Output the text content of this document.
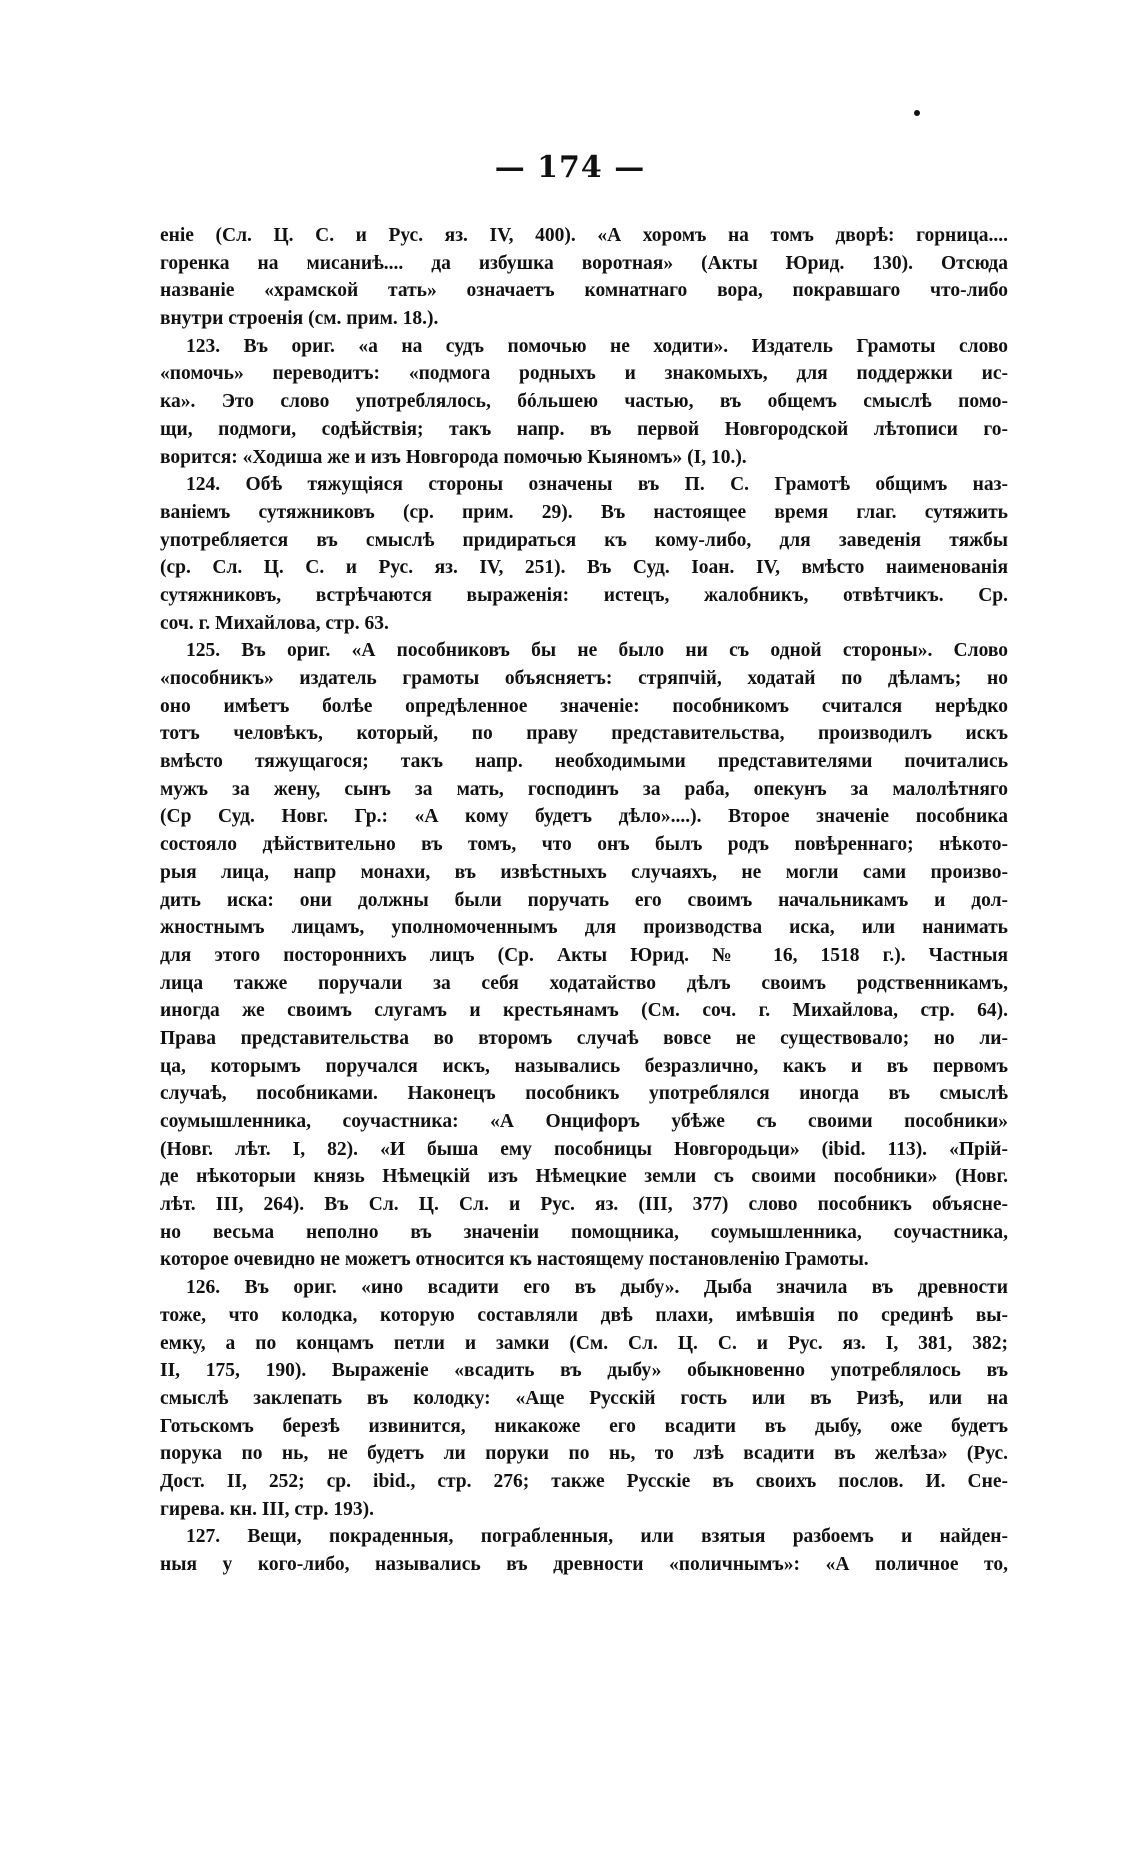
— 174 —
еніе (Сл. Ц. С. и Рус. яз. IV, 400). «А хоромъ на томъ дворѣ: горница....
горенка на мисаниѣ.... да избушка воротная» (Акты Юрид. 130). Отсюда
названіе «храмской тать» означаетъ комнатнаго вора, покравшаго что-либо
внутри строенія (см. прим. 18.).
123. Въ ориг. «а на судъ помочью не ходити». Издатель Грамоты слово
«помочь» переводитъ: «подмога родныхъ и знакомыхъ, для поддержки ис-
ка». Это слово употреблялось, бóльшею частью, въ общемъ смыслѣ помо-
щи, подмоги, содѣйствія; такъ напр. въ первой Новгородской лѣтописи го-
ворится: «Ходиша же и изъ Новгорода помочью Кыяномъ» (I, 10.).
124. Обѣ тяжущіяся стороны означены въ П. С. Грамотѣ общимъ наз-
ваніемъ сутяжниковъ (ср. прим. 29). Въ настоящее время глаг. сутяжить
употребляется въ смыслѣ придираться къ кому-либо, для заведенія тяжбы
(ср. Сл. Ц. С. и Рус. яз. IV, 251). Въ Суд. Іоан. IV, вмѣсто наименованія
сутяжниковъ, встрѣчаются выраженія: истецъ, жалобникъ, отвѣтчикъ. Ср.
соч. г. Михайлова, стр. 63.
125. Въ ориг. «А пособниковъ бы не было ни съ одной стороны». Слово
«пособникъ» издатель грамоты объясняетъ: стряпчій, ходатай по дѣламъ; но
оно имѣетъ болѣе опредѣленное значеніе: пособникомъ считался нерѣдко
тотъ человѣкъ, который, по праву представительства, производилъ искъ
вмѣсто тяжущагося; такъ напр. необходимыми представителями почитались
мужъ за жену, сынъ за мать, господинъ за раба, опекунъ за малолѣтняго
(Ср Суд. Новг. Гр.: «А кому будетъ дѣло»....). Второе значеніе пособника
состояло дѣйствительно въ томъ, что онъ былъ родъ повѣреннаго; нѣкото-
рыя лица, напр монахи, въ извѣстныхъ случаяхъ, не могли сами произво-
дить иска: они должны были поручать его своимъ начальникамъ и дол-
жностнымъ лицамъ, уполномоченнымъ для производства иска, или нанимать
для этого постороннихъ лицъ (Ср. Акты Юрид. № 16, 1518 г.). Частныя
лица также поручали за себя ходатайство дѣлъ своимъ родственникамъ,
иногда же своимъ слугамъ и крестьянамъ (См. соч. г. Михайлова, стр. 64).
Права представительства во второмъ случаѣ вовсе не существовало; но ли-
ца, которымъ поручался искъ, назывались безразлично, какъ и въ первомъ
случаѣ, пособниками. Наконецъ пособникъ употреблялся иногда въ смыслѣ
соумышленника, соучастника: «А Онцифоръ убѣже съ своими пособники»
(Новг. лѣт. I, 82). «И быша ему пособницы Новгородьци» (ibid. 113). «Прій-
де нѣкоторыи князь Нѣмецкій изъ Нѣмецкие земли съ своими пособники» (Новг.
лѣт. III, 264). Въ Сл. Ц. Сл. и Рус. яз. (III, 377) слово пособникъ объясне-
но весьма неполно въ значеніи помощника, соумышленника, соучастника,
которое очевидно не можетъ относится къ настоящему постановленію Грамоты.
126. Въ ориг. «ино всадити его въ дыбу». Дыба значила въ древности
тоже, что колодка, которую составляли двѣ плахи, имѣвшія по срединѣ вы-
емку, а по концамъ петли и замки (См. Сл. Ц. С. и Рус. яз. I, 381, 382;
II, 175, 190). Выраженіе «всадить въ дыбу» обыкновенно употреблялось въ
смыслѣ заклепать въ колодку: «Аще Русскій гость или въ Ризѣ, или на
Готьскомъ березѣ извинится, никакоже его всадити въ дыбу, оже будетъ
порука по нь, не будетъ ли поруки по нь, то лзѣ всадити въ желѣза» (Рус.
Дост. II, 252; ср. ibid., стр. 276; также Русскіе въ своихъ послов. И. Сне-
гирева. кн. III, стр. 193).
127. Вещи, покраденныя, пограбленныя, или взятыя разбоемъ и найден-
ныя у кого-либо, назывались въ древности «поличнымъ»: «А поличное то,
